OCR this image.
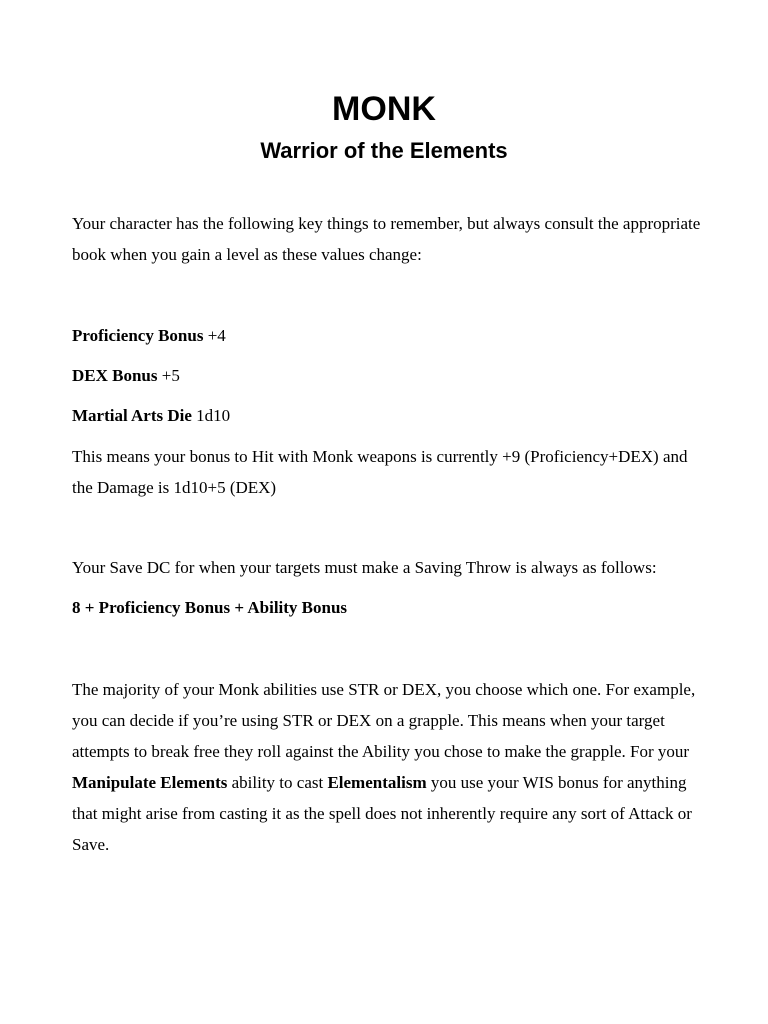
MONK
Warrior of the Elements

Your character has the following key things to remember, but always consult the appropriate book when you gain a level as these values change:

Proficiency Bonus +4

DEX Bonus +5

Martial Arts Die 1d10

This means your bonus to Hit with Monk weapons is currently +9 (Proficiency+DEX) and the Damage is 1d10+5 (DEX)

Your Save DC for when your targets must make a Saving Throw is always as follows:

8 + Proficiency Bonus + Ability Bonus

The majority of your Monk abilities use STR or DEX, you choose which one. For example, you can decide if you’re using STR or DEX on a grapple. This means when your target attempts to break free they roll against the Ability you chose to make the grapple. For your Manipulate Elements ability to cast Elementalism you use your WIS bonus for anything that might arise from casting it as the spell does not inherently require any sort of Attack or Save.
